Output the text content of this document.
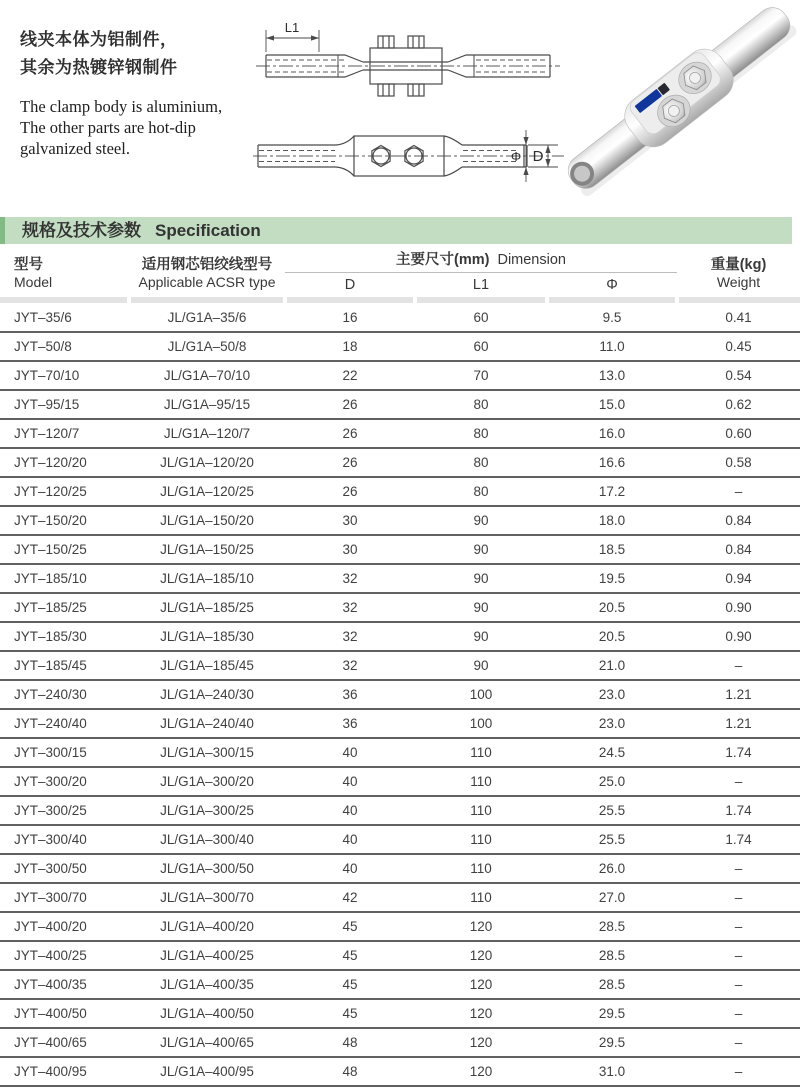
线夹本体为铝制件，
其余为热镀锌钢制件
The clamp body is aluminium,
The other parts are hot-dip galvanized steel.
L1
Φ D
规格及技术参数 Specification
型号
Model
适用钢芯铝绞线型号
Applicable ACSR type
主要尺寸(mm) Dimension
D	L1	Φ
重量(kg)
Weight
JYT–35/6	JL/G1A–35/6	16	60	9.5	0.41
JYT–50/8	JL/G1A–50/8	18	60	11.0	0.45
JYT–70/10	JL/G1A–70/10	22	70	13.0	0.54
JYT–95/15	JL/G1A–95/15	26	80	15.0	0.62
JYT–120/7	JL/G1A–120/7	26	80	16.0	0.60
JYT–120/20	JL/G1A–120/20	26	80	16.6	0.58
JYT–120/25	JL/G1A–120/25	26	80	17.2	–
JYT–150/20	JL/G1A–150/20	30	90	18.0	0.84
JYT–150/25	JL/G1A–150/25	30	90	18.5	0.84
JYT–185/10	JL/G1A–185/10	32	90	19.5	0.94
JYT–185/25	JL/G1A–185/25	32	90	20.5	0.90
JYT–185/30	JL/G1A–185/30	32	90	20.5	0.90
JYT–185/45	JL/G1A–185/45	32	90	21.0	–
JYT–240/30	JL/G1A–240/30	36	100	23.0	1.21
JYT–240/40	JL/G1A–240/40	36	100	23.0	1.21
JYT–300/15	JL/G1A–300/15	40	110	24.5	1.74
JYT–300/20	JL/G1A–300/20	40	110	25.0	–
JYT–300/25	JL/G1A–300/25	40	110	25.5	1.74
JYT–300/40	JL/G1A–300/40	40	110	25.5	1.74
JYT–300/50	JL/G1A–300/50	40	110	26.0	–
JYT–300/70	JL/G1A–300/70	42	110	27.0	–
JYT–400/20	JL/G1A–400/20	45	120	28.5	–
JYT–400/25	JL/G1A–400/25	45	120	28.5	–
JYT–400/35	JL/G1A–400/35	45	120	28.5	–
JYT–400/50	JL/G1A–400/50	45	120	29.5	–
JYT–400/65	JL/G1A–400/65	48	120	29.5	–
JYT–400/95	JL/G1A–400/95	48	120	31.0	–
